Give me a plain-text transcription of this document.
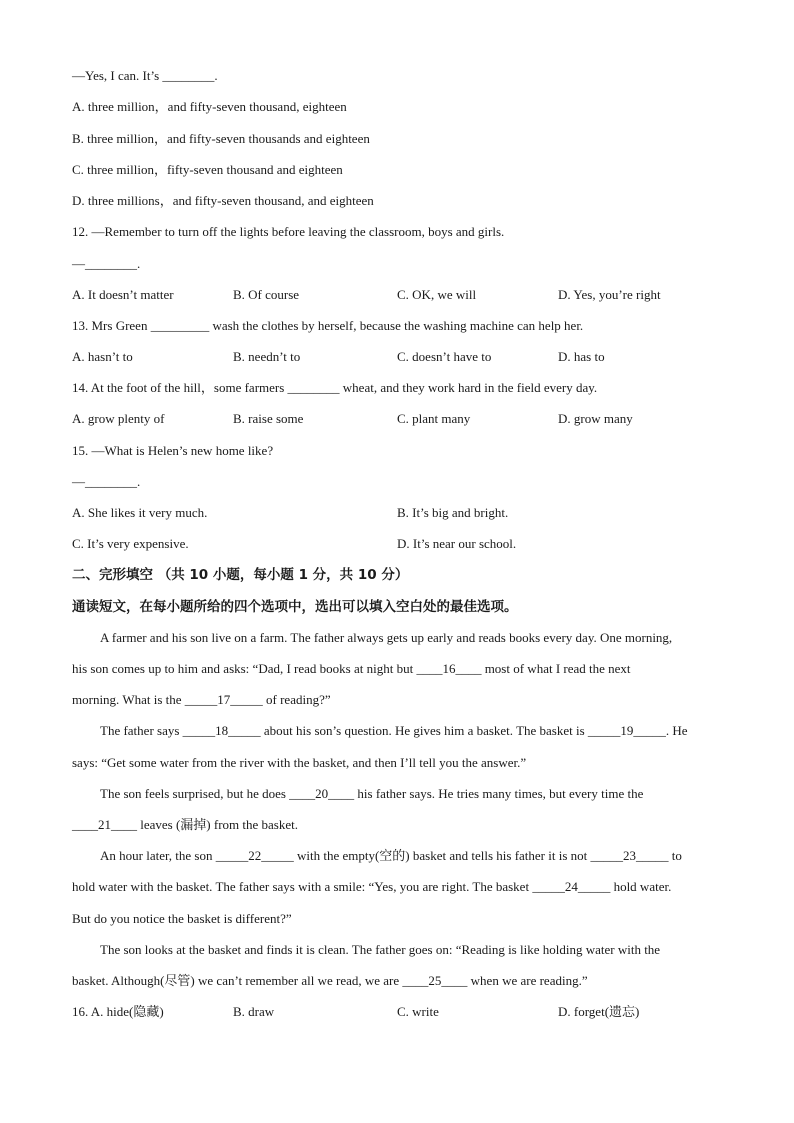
—Yes, I can. It’s ________.
A. three million，and fifty-seven thousand, eighteen
B. three million，and fifty-seven thousands and eighteen
C. three million，fifty-seven thousand and eighteen
D. three millions，and fifty-seven thousand, and eighteen
12. —Remember to turn off the lights before leaving the classroom, boys and girls.
—________.
A. It doesn’t matter	B. Of course	C. OK, we will	D. Yes, you’re right
13. Mrs Green _________ wash the clothes by herself, because the washing machine can help her.
A. hasn’t to	B. needn’t to	C. doesn’t have to	D. has to
14. At the foot of the hill，some farmers ________ wheat, and they work hard in the field every day.
A. grow plenty of	B. raise some	C. plant many	D. grow many
15. —What is Helen’s new home like?
—________.
A. She likes it very much.	B. It’s big and bright.
C. It’s very expensive.	D. It’s near our school.
二、完形填空 （共 10 小题，每小题 1 分，共 10 分）
通读短文，在每小题所给的四个选项中，选出可以填入空白处的最佳选项。
A farmer and his son live on a farm. The father always gets up early and reads books every day. One morning,
his son comes up to him and asks: “Dad, I read books at night but ____16____ most of what I read the next
morning. What is the _____17_____ of reading?”
The father says _____18_____ about his son’s question. He gives him a basket. The basket is _____19_____. He
says: “Get some water from the river with the basket, and then I’ll tell you the answer.”
The son feels surprised, but he does ____20____ his father says. He tries many times, but every time the
____21____ leaves (漏掉) from the basket.
An hour later, the son _____22_____ with the empty(空的) basket and tells his father it is not _____23_____ to
hold water with the basket. The father says with a smile: “Yes, you are right. The basket _____24_____ hold water.
But do you notice the basket is different?”
The son looks at the basket and finds it is clean. The father goes on: “Reading is like holding water with the
basket. Although(尽管) we can’t remember all we read, we are ____25____ when we are reading.”
16. A. hide(隐藏)	B. draw	C. write	D. forget(遗忘)
